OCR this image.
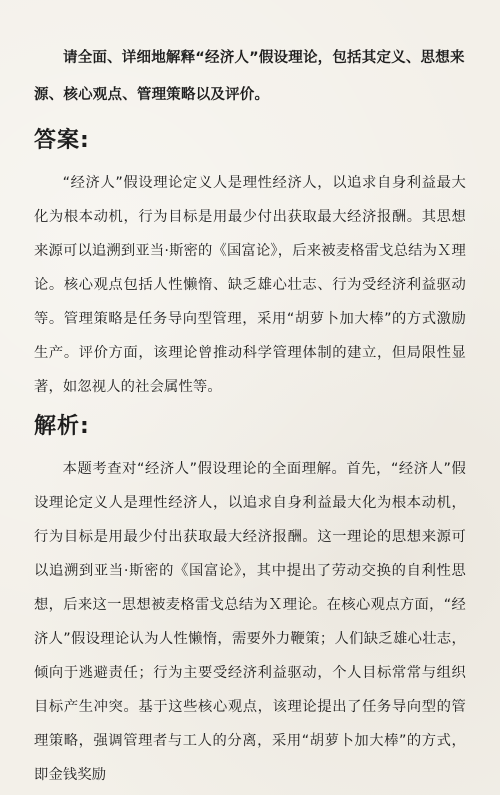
请全面、详细地解释“经济人”假设理论，包括其定义、思想来源、核心观点、管理策略以及评价。

答案:

“经济人”假设理论定义人是理性经济人，以追求自身利益最大化为根本动机，行为目标是用最少付出获取最大经济报酬。其思想来源可以追溯到亚当·斯密的《国富论》，后来被麦格雷戈总结为Ｘ理论。核心观点包括人性懒惰、缺乏雄心壮志、行为受经济利益驱动等。管理策略是任务导向型管理，采用“胡萝卜加大棒”的方式激励生产。评价方面，该理论曾推动科学管理体制的建立，但局限性显著，如忽视人的社会属性等。

解析:

本题考查对“经济人”假设理论的全面理解。首先，“经济人”假设理论定义人是理性经济人，以追求自身利益最大化为根本动机，行为目标是用最少付出获取最大经济报酬。这一理论的思想来源可以追溯到亚当·斯密的《国富论》，其中提出了劳动交换的自利性思想，后来这一思想被麦格雷戈总结为Ｘ理论。在核心观点方面，“经济人”假设理论认为人性懒惰，需要外力鞭策；人们缺乏雄心壮志，倾向于逃避责任；行为主要受经济利益驱动，个人目标常常与组织目标产生冲突。基于这些核心观点，该理论提出了任务导向型的管理策略，强调管理者与工人的分离，采用“胡萝卜加大棒”的方式，即金钱奖励
